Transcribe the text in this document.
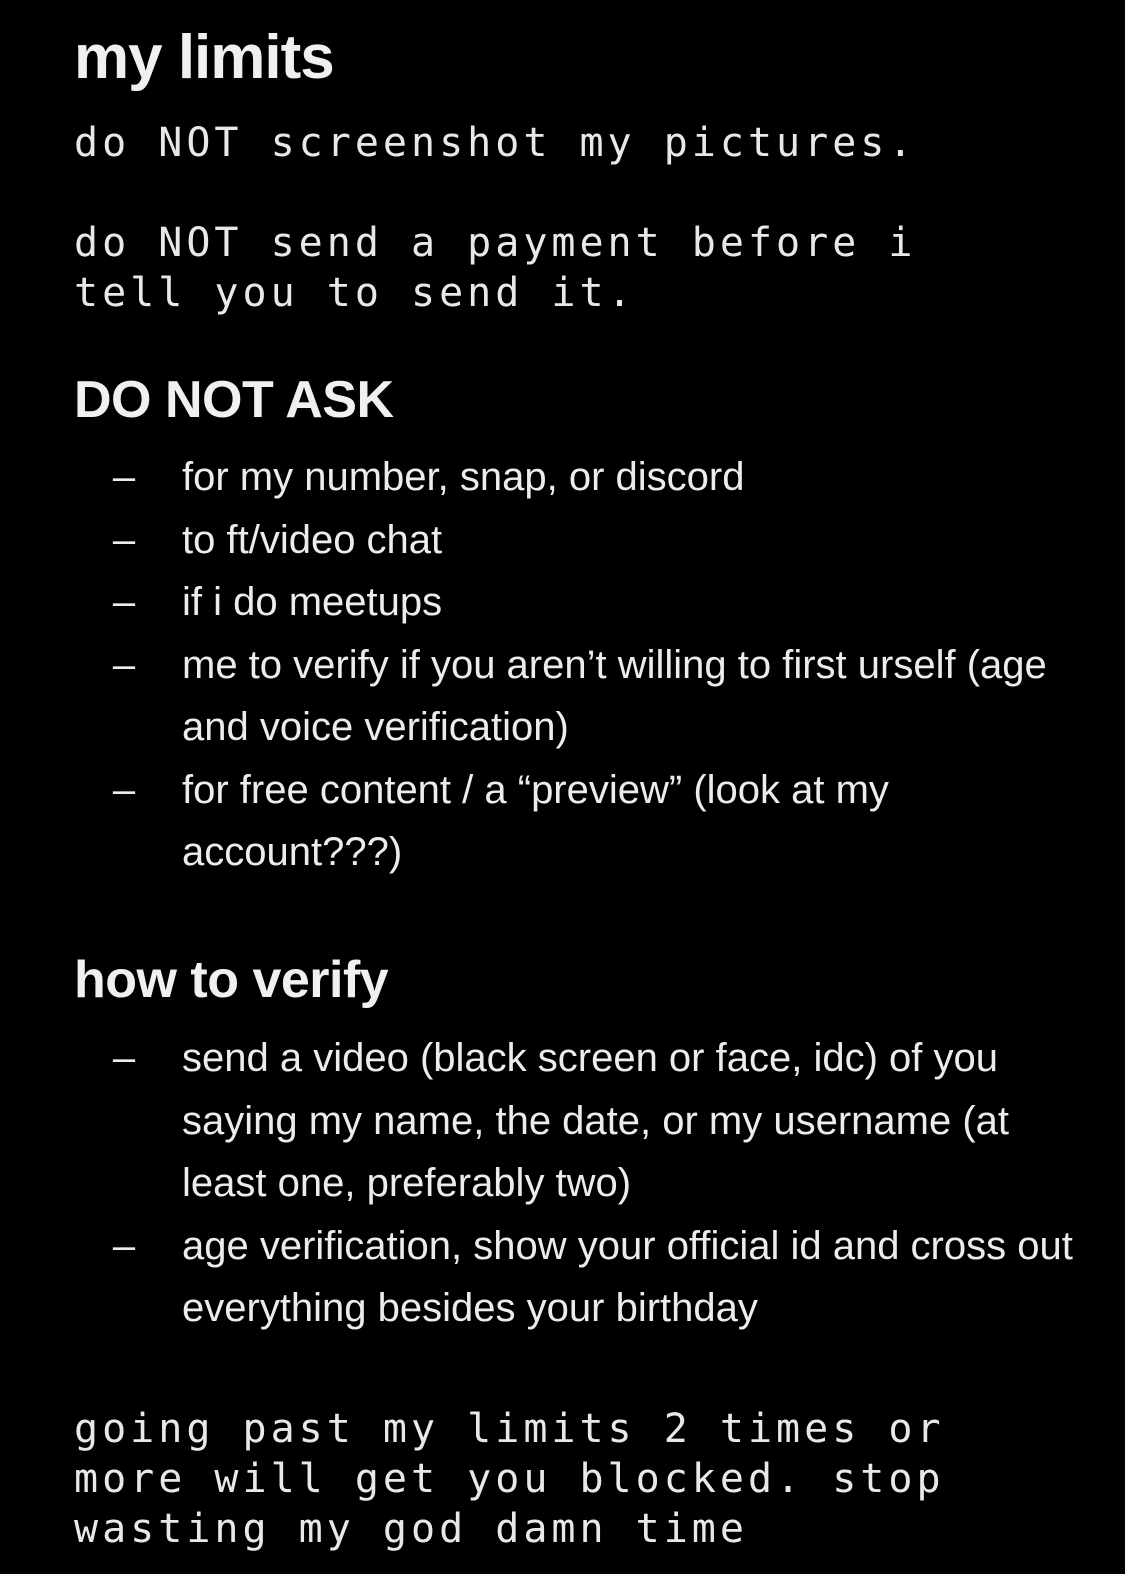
my limits

do NOT screenshot my pictures.

do NOT send a payment before i tell you to send it.

DO NOT ASK
– for my number, snap, or discord
– to ft/video chat
– if i do meetups
– me to verify if you aren’t willing to first urself (age and voice verification)
– for free content / a “preview” (look at my account???)
how to verify
– send a video (black screen or face, idc) of you saying my name, the date, or my username (at least one, preferably two)
– age verification, show your official id and cross out everything besides your birthday

going past my limits 2 times or more will get you blocked. stop wasting my god damn time
